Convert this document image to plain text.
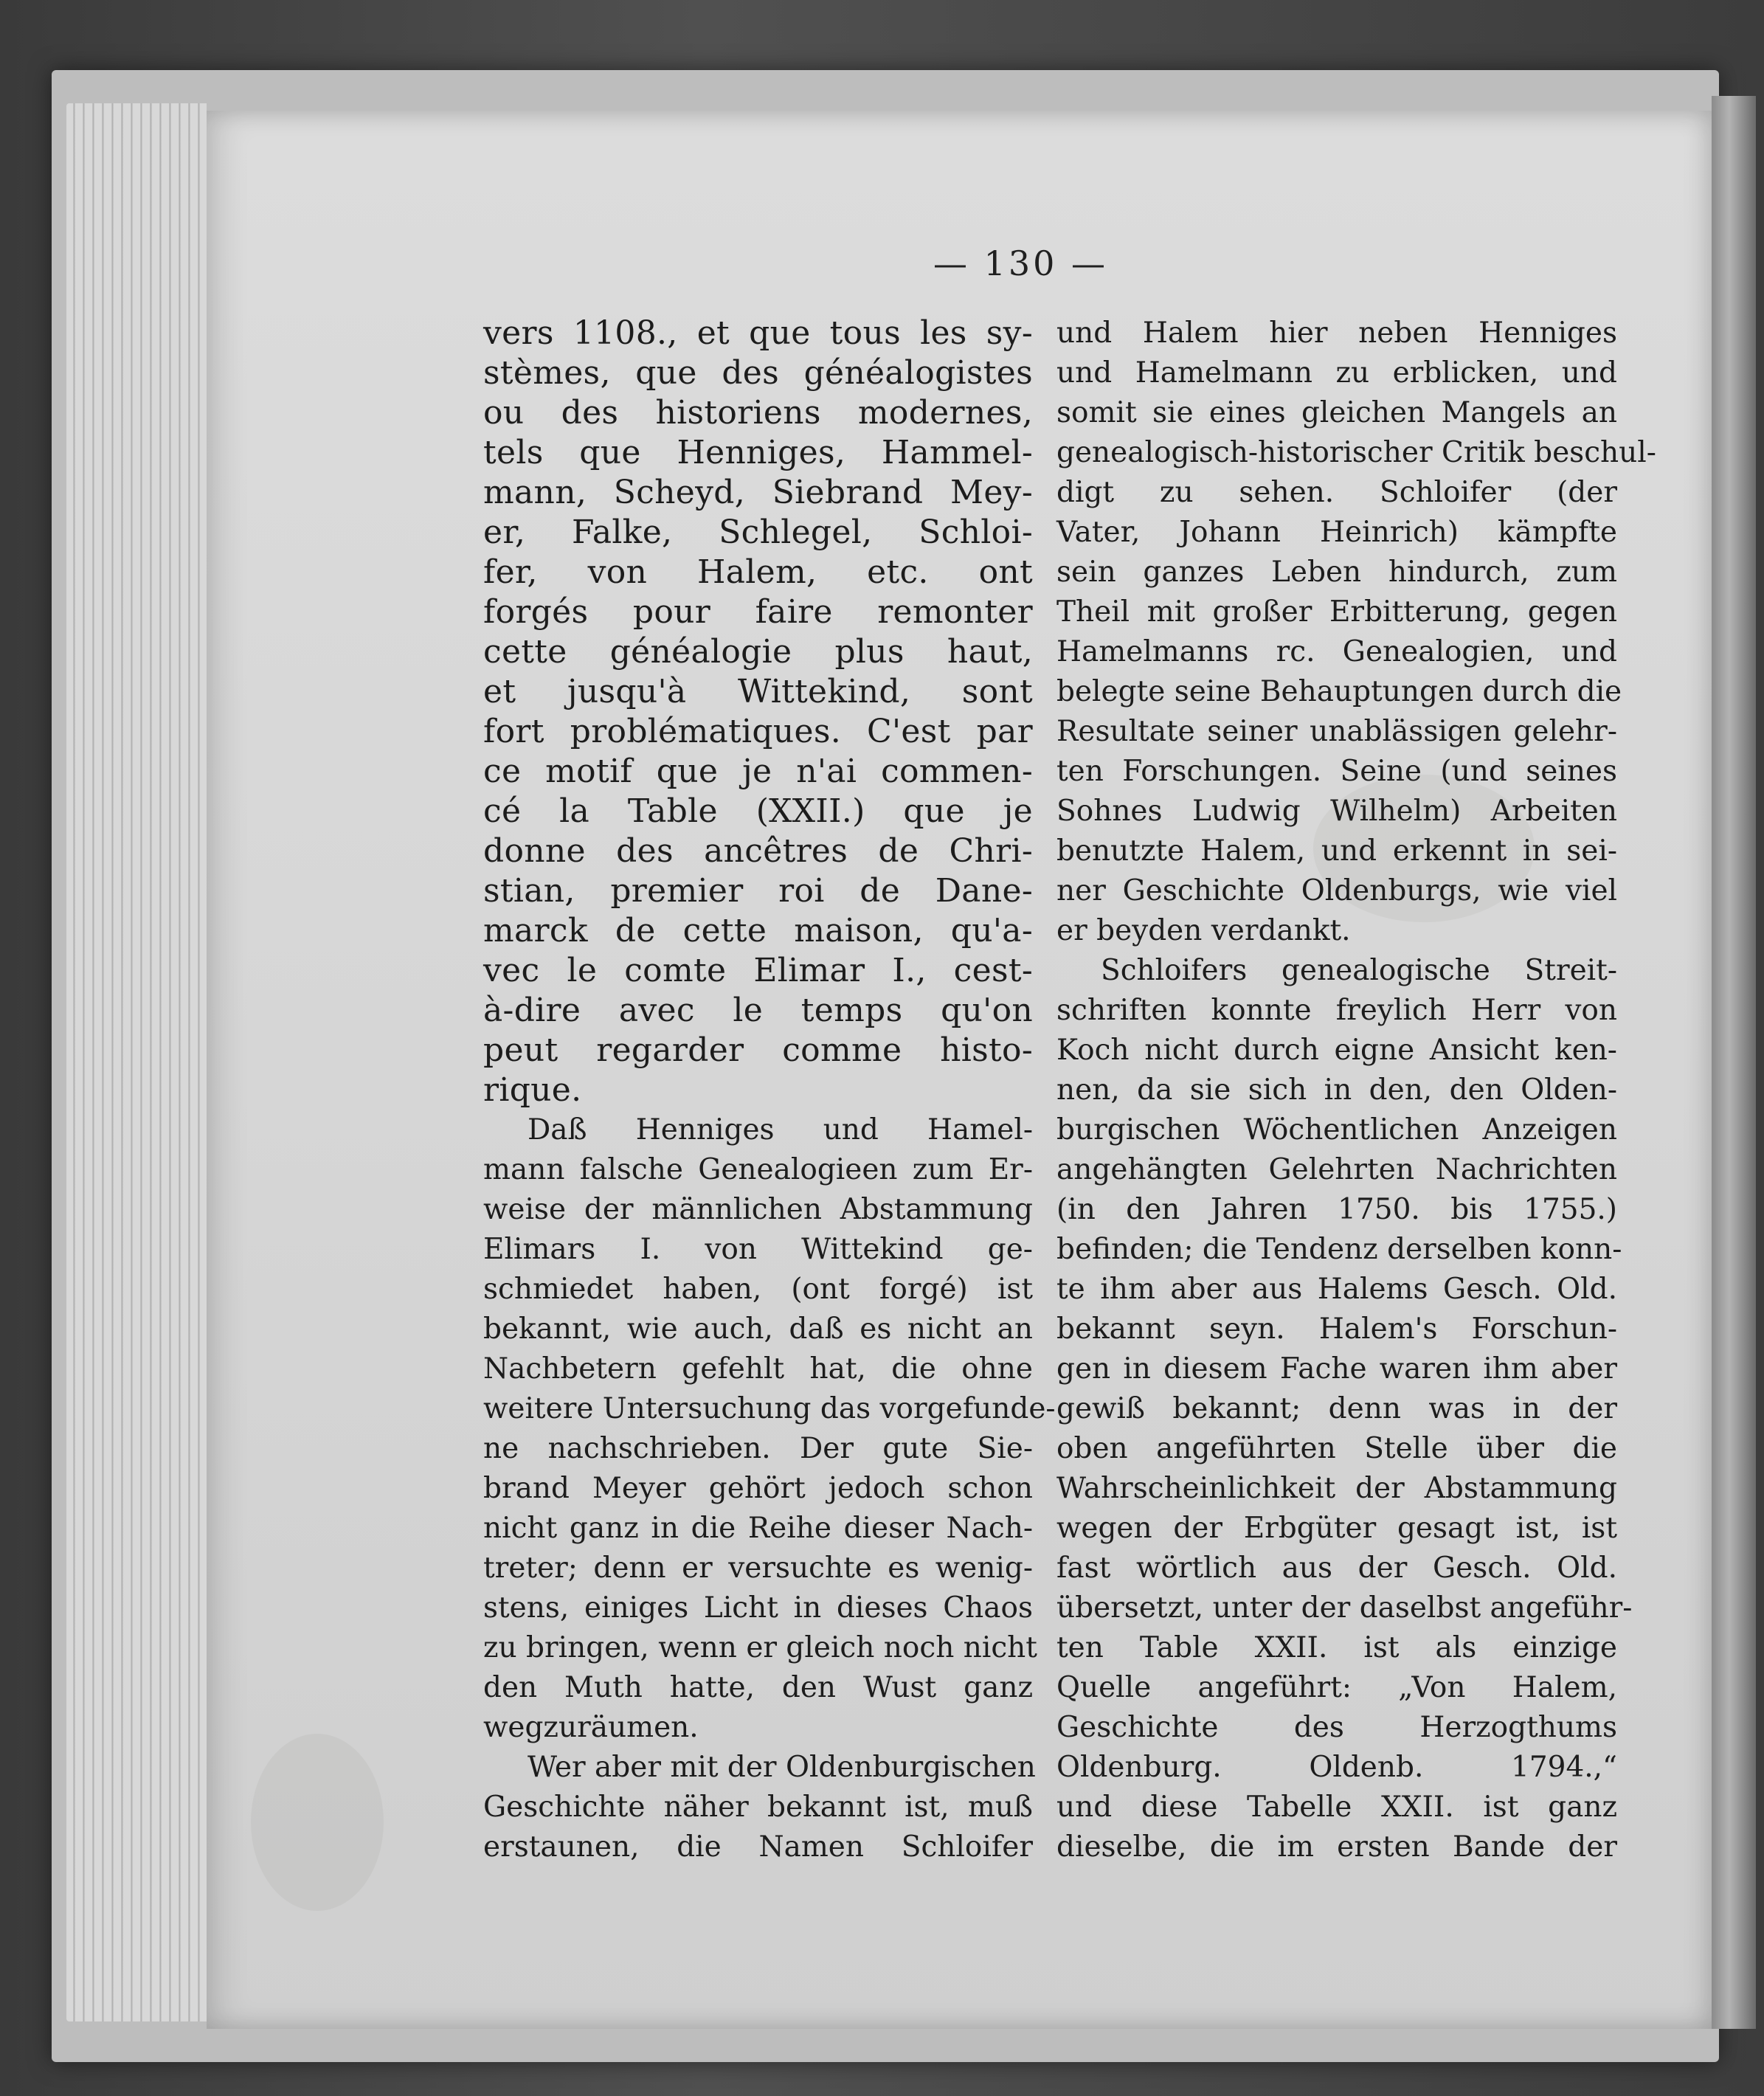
— 130 —
vers 1108., et que tous les sy-
stèmes, que des généalogistes
ou des historiens modernes,
tels que Henniges, Hammel-
mann, Scheyd, Siebrand Mey-
er, Falke, Schlegel, Schloi-
fer, von Halem, etc. ont
forgés pour faire remonter
cette généalogie plus haut,
et jusqu'à Wittekind, sont
fort problématiques. C'est par
ce motif que je n'ai commen-
cé la Table (XXII.) que je
donne des ancêtres de Chri-
stian, premier roi de Dane-
marck de cette maison, qu'a-
vec le comte Elimar I., cest-
à-dire avec le temps qu'on
peut regarder comme histo-
rique.
Daß Henniges und Hamel-
mann falsche Genealogieen zum Er-
weise der männlichen Abstammung
Elimars I. von Wittekind ge-
schmiedet haben, (ont forgé) ist
bekannt, wie auch, daß es nicht an
Nachbetern gefehlt hat, die ohne
weitere Untersuchung das vorgefunde-
ne nachschrieben. Der gute Sie-
brand Meyer gehört jedoch schon
nicht ganz in die Reihe dieser Nach-
treter; denn er versuchte es wenig-
stens, einiges Licht in dieses Chaos
zu bringen, wenn er gleich noch nicht
den Muth hatte, den Wust ganz
wegzuräumen.
Wer aber mit der Oldenburgischen
Geschichte näher bekannt ist, muß
erstaunen, die Namen Schloifer
und Halem hier neben Henniges
und Hamelmann zu erblicken, und
somit sie eines gleichen Mangels an
genealogisch-historischer Critik beschul-
digt zu sehen. Schloifer (der
Vater, Johann Heinrich) kämpfte
sein ganzes Leben hindurch, zum
Theil mit großer Erbitterung, gegen
Hamelmanns rc. Genealogien, und
belegte seine Behauptungen durch die
Resultate seiner unablässigen gelehr-
ten Forschungen. Seine (und seines
Sohnes Ludwig Wilhelm) Arbeiten
benutzte Halem, und erkennt in sei-
ner Geschichte Oldenburgs, wie viel
er beyden verdankt.
Schloifers genealogische Streit-
schriften konnte freylich Herr von
Koch nicht durch eigne Ansicht ken-
nen, da sie sich in den, den Olden-
burgischen Wöchentlichen Anzeigen
angehängten Gelehrten Nachrichten
(in den Jahren 1750. bis 1755.)
befinden; die Tendenz derselben konn-
te ihm aber aus Halems Gesch. Old.
bekannt seyn. Halem's Forschun-
gen in diesem Fache waren ihm aber
gewiß bekannt; denn was in der
oben angeführten Stelle über die
Wahrscheinlichkeit der Abstammung
wegen der Erbgüter gesagt ist, ist
fast wörtlich aus der Gesch. Old.
übersetzt, unter der daselbst angeführ-
ten Table XXII. ist als einzige
Quelle angeführt: „Von Halem,
Geschichte des Herzogthums
Oldenburg. Oldenb. 1794.,“
und diese Tabelle XXII. ist ganz
dieselbe, die im ersten Bande der
